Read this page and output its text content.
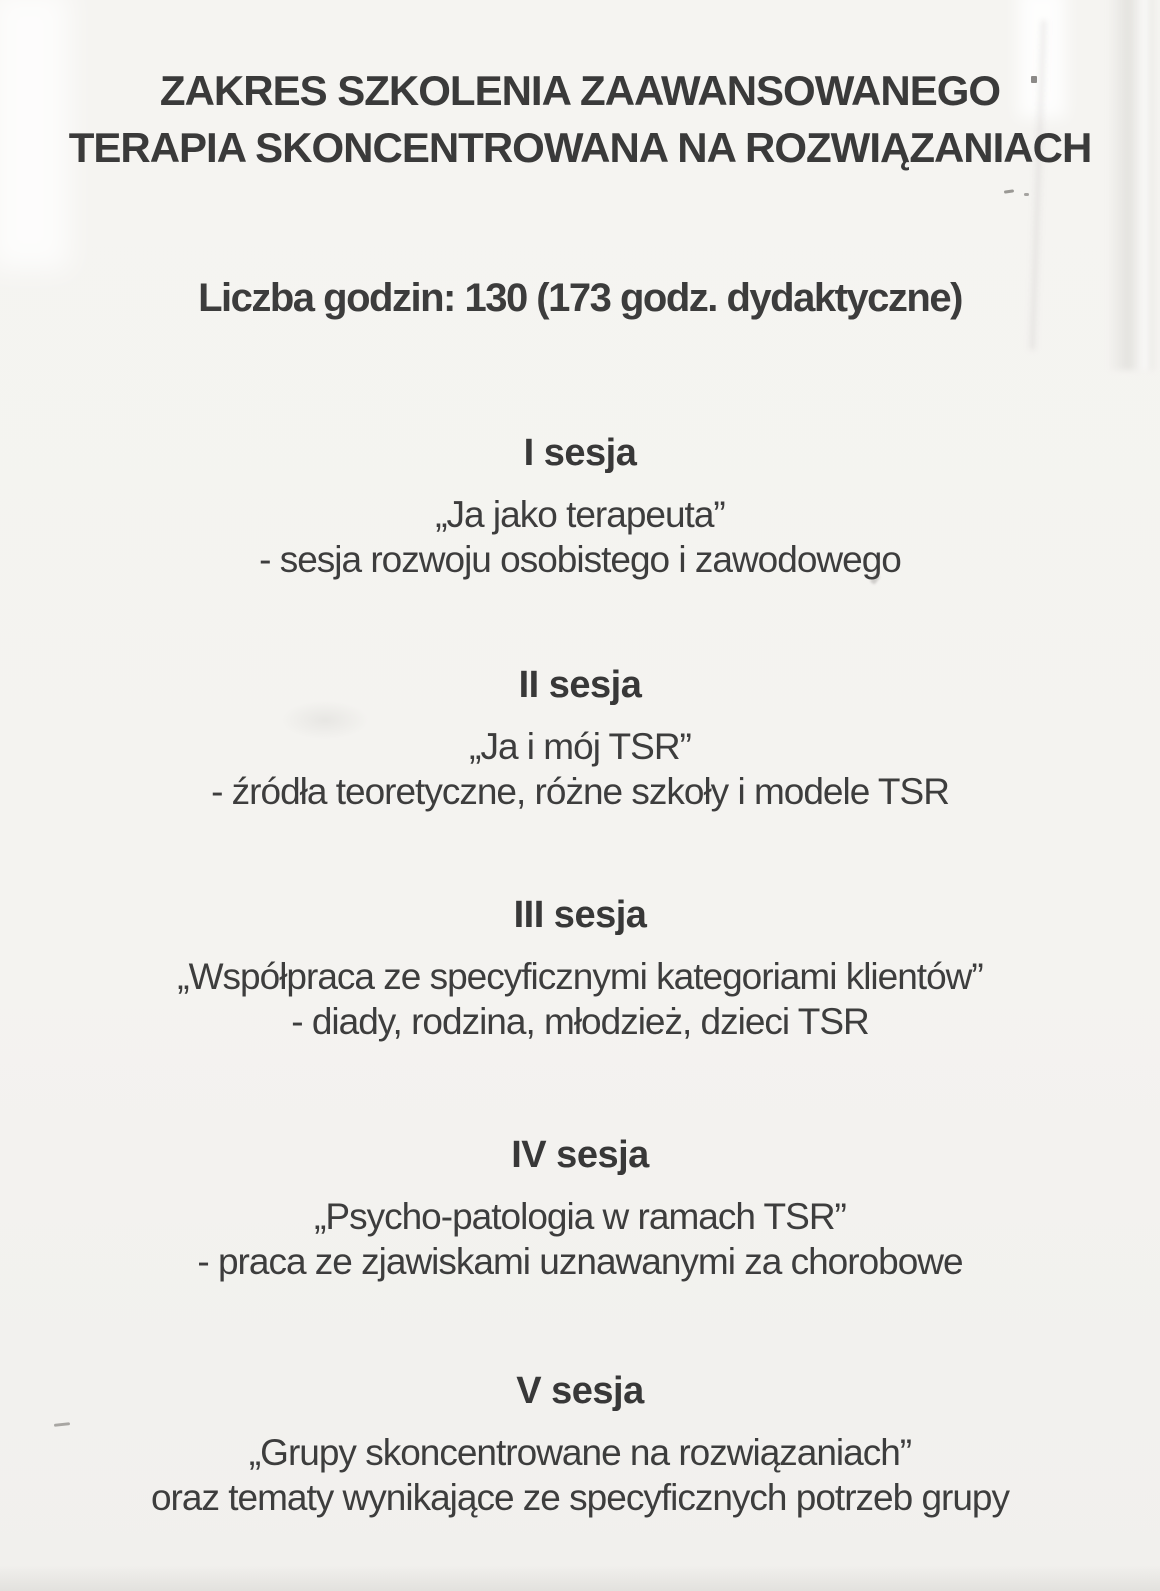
ZAKRES SZKOLENIA ZAAWANSOWANEGO
TERAPIA SKONCENTROWANA NA ROZWIĄZANIACH
Liczba godzin: 130 (173 godz. dydaktyczne)
I sesja
„Ja jako terapeuta”
- sesja rozwoju osobistego i zawodowego
II sesja
„Ja i mój TSR”
- źródła teoretyczne, różne szkoły i modele TSR
III sesja
„Współpraca ze specyficznymi kategoriami klientów”
- diady, rodzina, młodzież, dzieci TSR
IV sesja
„Psycho-patologia w ramach TSR”
- praca ze zjawiskami uznawanymi za chorobowe
V sesja
„Grupy skoncentrowane na rozwiązaniach”
oraz tematy wynikające ze specyficznych potrzeb grupy
